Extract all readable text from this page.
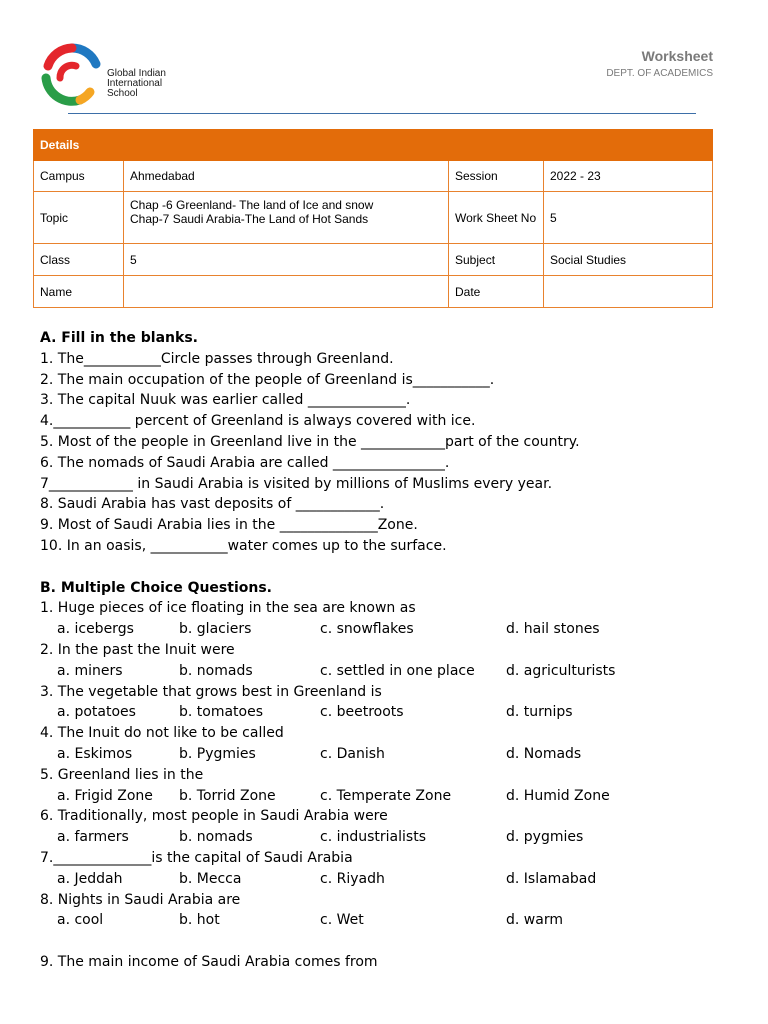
Global Indian
International
School
Worksheet
DEPT. OF ACADEMICS
Details			
Campus	Ahmedabad	Session	2022 - 23
Topic	Chap -6 Greenland- The land of Ice and snow
Chap-7 Saudi Arabia-The Land of Hot Sands	Work Sheet No	5
Class	5	Subject	Social Studies
Name		Date	
A. Fill in the blanks.
1. The___________Circle passes through Greenland.
2. The main occupation of the people of Greenland is___________.
3. The capital Nuuk was earlier called ______________.
4.___________ percent of Greenland is always covered with ice.
5. Most of the people in Greenland live in the ____________part of the country.
6. The nomads of Saudi Arabia are called ________________.
7____________ in Saudi Arabia is visited by millions of Muslims every year.
8. Saudi Arabia has vast deposits of ____________.
9. Most of Saudi Arabia lies in the ______________Zone.
10. In an oasis, ___________water comes up to the surface.
B. Multiple Choice Questions.
1. Huge pieces of ice floating in the sea are known as
a. icebergs	b. glaciers	c. snowflakes	d. hail stones
2. In the past the Inuit were
a. miners	b. nomads	c. settled in one place d. agriculturists
3. The vegetable that grows best in Greenland is
a. potatoes	b. tomatoes	c. beetroots	d. turnips
4. The Inuit do not like to be called
a. Eskimos	b. Pygmies	c. Danish	d. Nomads
5. Greenland lies in the
a. Frigid Zone b. Torrid Zone	c. Temperate Zone	d. Humid Zone
6. Traditionally, most people in Saudi Arabia were
a. farmers	b. nomads	c. industrialists	d. pygmies
7.______________is the capital of Saudi Arabia
a. Jeddah	b. Mecca	c. Riyadh	d. Islamabad
8. Nights in Saudi Arabia are
a. cool	b. hot	c. Wet	d. warm
9. The main income of Saudi Arabia comes from
